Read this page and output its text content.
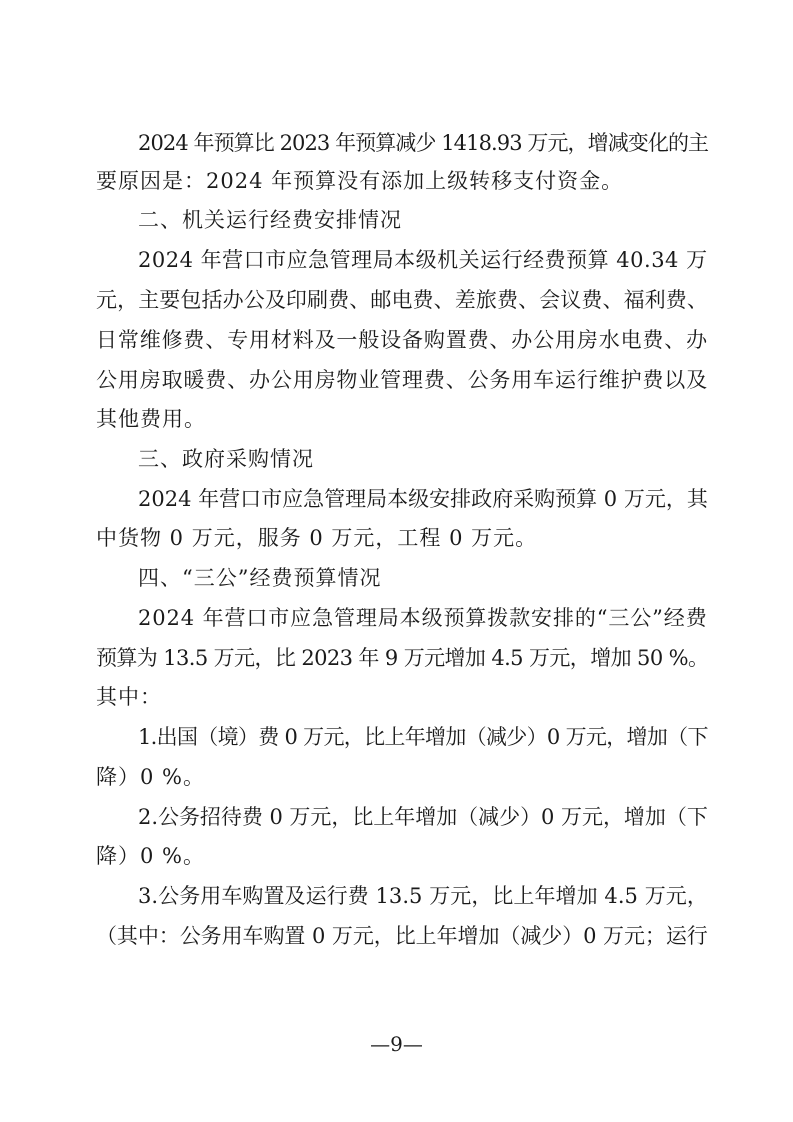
2024 年预算比 2023 年预算减少 1418.93 万元，增减变化的主
要原因是：2024 年预算没有添加上级转移支付资金。
二、机关运行经费安排情况
2024 年营口市应急管理局本级机关运行经费预算 40.34 万
元，主要包括办公及印刷费、邮电费、差旅费、会议费、福利费、
日常维修费、专用材料及一般设备购置费、办公用房水电费、办
公用房取暖费、办公用房物业管理费、公务用车运行维护费以及
其他费用。
三、政府采购情况
2024 年营口市应急管理局本级安排政府采购预算 0 万元，其
中货物 0 万元，服务 0 万元，工程 0 万元。
四、“三公”经费预算情况
2024 年营口市应急管理局本级预算拨款安排的“三公”经费
预算为 13.5 万元，比 2023 年 9 万元增加 4.5 万元，增加 50 %。
其中：
1.出国（境）费 0 万元，比上年增加（减少）0 万元，增加（下
降）0 %。
2.公务招待费 0 万元，比上年增加（减少）0 万元，增加（下
降）0 %。
3.公务用车购置及运行费 13.5 万元，比上年增加 4.5 万元，
（其中：公务用车购置 0 万元，比上年增加（减少）0 万元；运行
—9—
